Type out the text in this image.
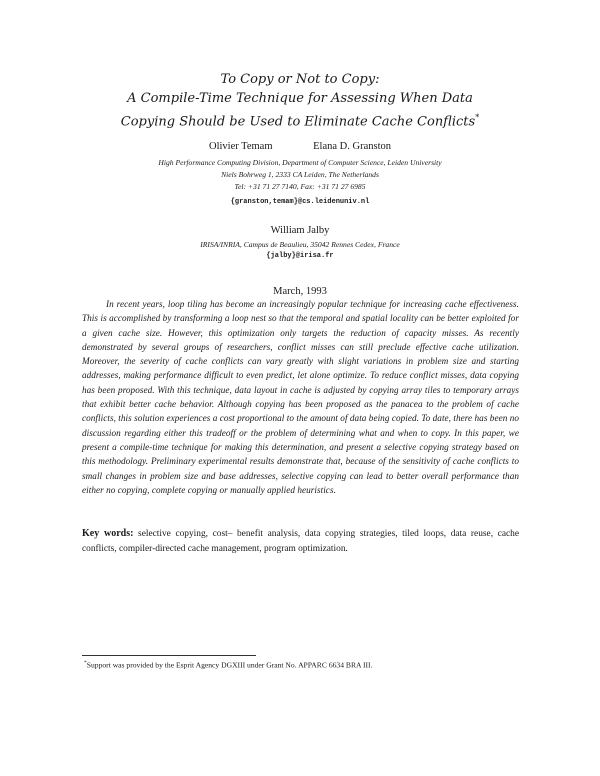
To Copy or Not to Copy:
A Compile-Time Technique for Assessing When Data
Copying Should be Used to Eliminate Cache Conflicts*
Olivier Temam	Elana D. Granston
High Performance Computing Division, Department of Computer Science, Leiden University
Niels Bohrweg 1, 2333 CA Leiden, The Netherlands
Tel: +31 71 27 7140, Fax: +31 71 27 6985
{granston,temam}@cs.leidenuniv.nl
William Jalby
IRISA/INRIA, Campus de Beaulieu, 35042 Rennes Cedex, France
{jalby}@irisa.fr
March, 1993
In recent years, loop tiling has become an increasingly popular technique for increasing cache effectiveness. This is accomplished by transforming a loop nest so that the temporal and spatial locality can be better exploited for a given cache size. However, this optimization only targets the reduction of capacity misses. As recently demonstrated by several groups of researchers, conflict misses can still preclude effective cache utilization. Moreover, the severity of cache conflicts can vary greatly with slight variations in problem size and starting addresses, making performance difficult to even predict, let alone optimize. To reduce conflict misses, data copying has been proposed. With this technique, data layout in cache is adjusted by copying array tiles to temporary arrays that exhibit better cache behavior. Although copying has been proposed as the panacea to the problem of cache conflicts, this solution experiences a cost proportional to the amount of data being copied. To date, there has been no discussion regarding either this tradeoff or the problem of determining what and when to copy. In this paper, we present a compile-time technique for making this determination, and present a selective copying strategy based on this methodology. Preliminary experimental results demonstrate that, because of the sensitivity of cache conflicts to small changes in problem size and base addresses, selective copying can lead to better overall performance than either no copying, complete copying or manually applied heuristics.
Key words: selective copying, cost– benefit analysis, data copying strategies, tiled loops, data reuse, cache conflicts, compiler-directed cache management, program optimization.
*Support was provided by the Esprit Agency DGXIII under Grant No. APPARC 6634 BRA III.
